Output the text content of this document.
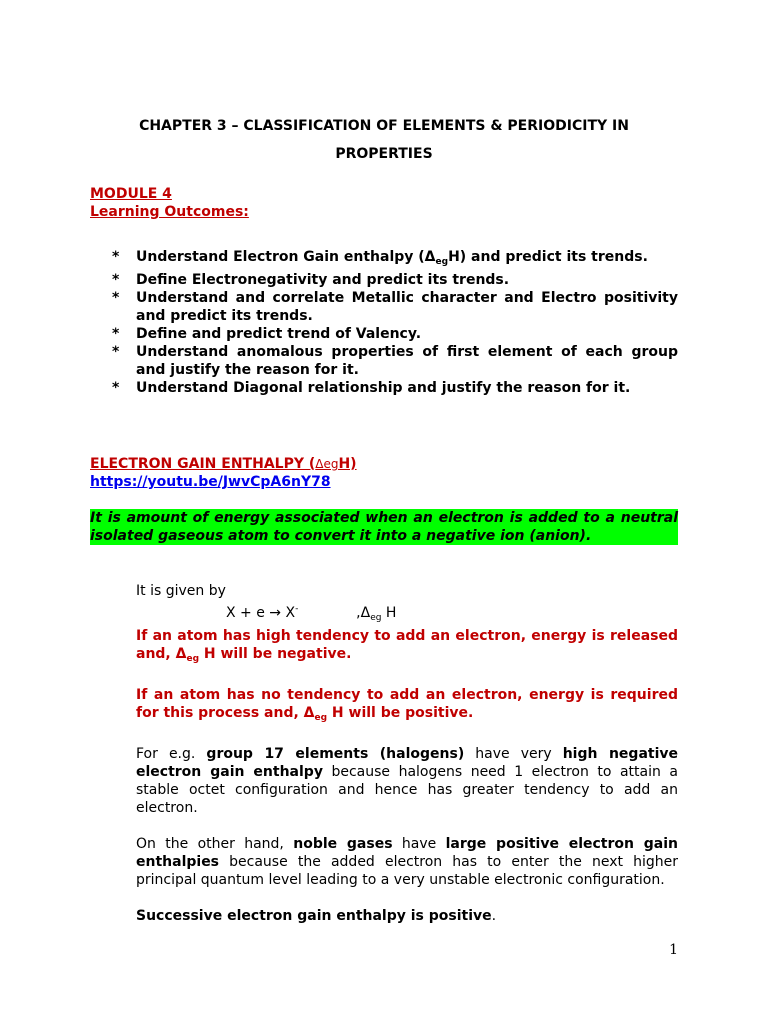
CHAPTER 3 – CLASSIFICATION OF ELEMENTS & PERIODICITY IN
PROPERTIES
MODULE 4
Learning Outcomes:
* Understand Electron Gain enthalpy $(\Delta_{eg}H)$ and predict its trends.
* Define Electronegativity and predict its trends.
* Understand and correlate Metallic character and Electro positivity and predict its trends.
* Define and predict trend of Valency.
* Understand anomalous properties of first element of each group and justify the reason for it.
* Understand Diagonal relationship and justify the reason for it.
ELECTRON GAIN ENTHALPY (ΔegH)
https://youtu.be/JwvCpA6nY78
It is amount of energy associated when an electron is added to a neutral isolated gaseous atom to convert it into a negative ion (anion).
It is given by
X + e → X-             $,\Delta_{eg}$ H
If an atom has high tendency to add an electron, energy is released and, $\Delta_{eg}$ H will be negative.
If an atom has no tendency to add an electron, energy is required for this process and, $\Delta_{eg}$ H will be positive.
For e.g. group 17 elements (halogens) have very high negative electron gain enthalpy because halogens need 1 electron to attain a stable octet configuration and hence has greater tendency to add an electron.
On the other hand, noble gases have large positive electron gain enthalpies because the added electron has to enter the next higher principal quantum level leading to a very unstable electronic configuration.
Successive electron gain enthalpy is positive.
1
